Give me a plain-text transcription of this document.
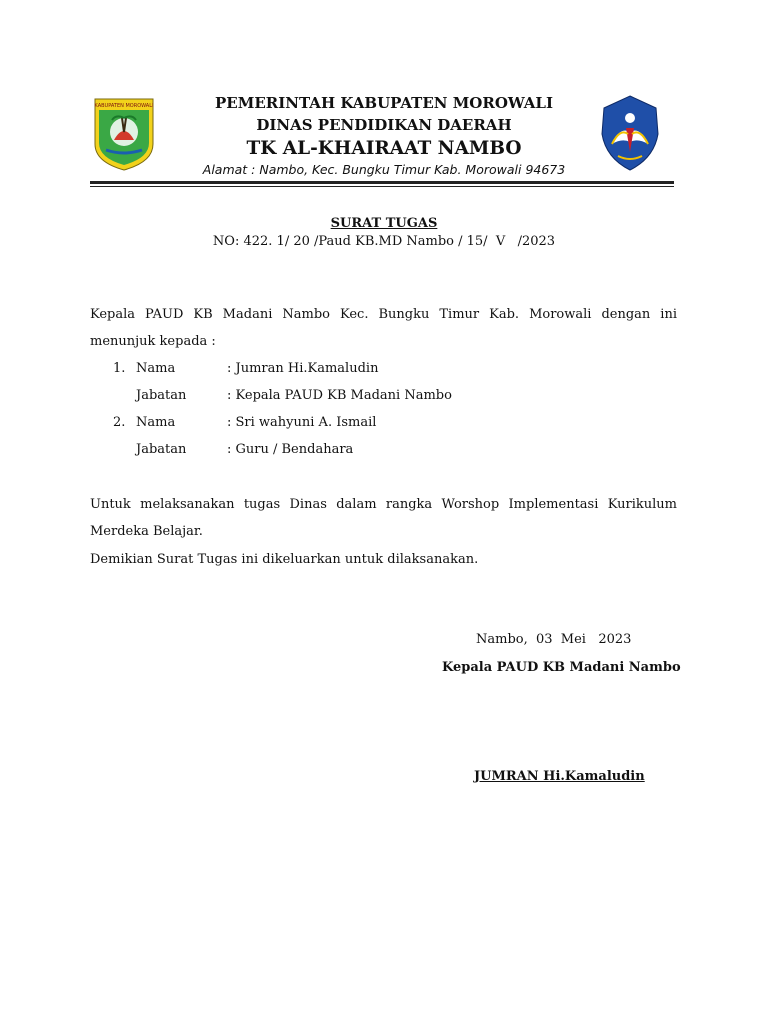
KABUPATEN MOROWALI	PEMERINTAH KABUPATEN MOROWALI
DINAS PENDIDIKAN DAERAH
TK AL-KHAIRAAT NAMBO
Alamat : Nambo, Kec. Bungku Timur Kab. Morowali 94673
SURAT TUGAS
NO: 422. 1/ 20 /Paud KB.MD Nambo / 15/  V   /2023
Kepala PAUD KB Madani Nambo Kec. Bungku Timur Kab. Morowali dengan ini menunjuk kepada :
1. Nama	: Jumran Hi.Kamaludin
Jabatan	: Kepala PAUD KB Madani Nambo
2. Nama	: Sri wahyuni A. Ismail
Jabatan	: Guru / Bendahara
Untuk melaksanakan tugas Dinas dalam rangka Worshop Implementasi Kurikulum Merdeka Belajar.
Demikian Surat Tugas ini dikeluarkan untuk dilaksanakan.
Nambo,  03  Mei   2023
Kepala PAUD KB Madani Nambo
JUMRAN Hi.Kamaludin
